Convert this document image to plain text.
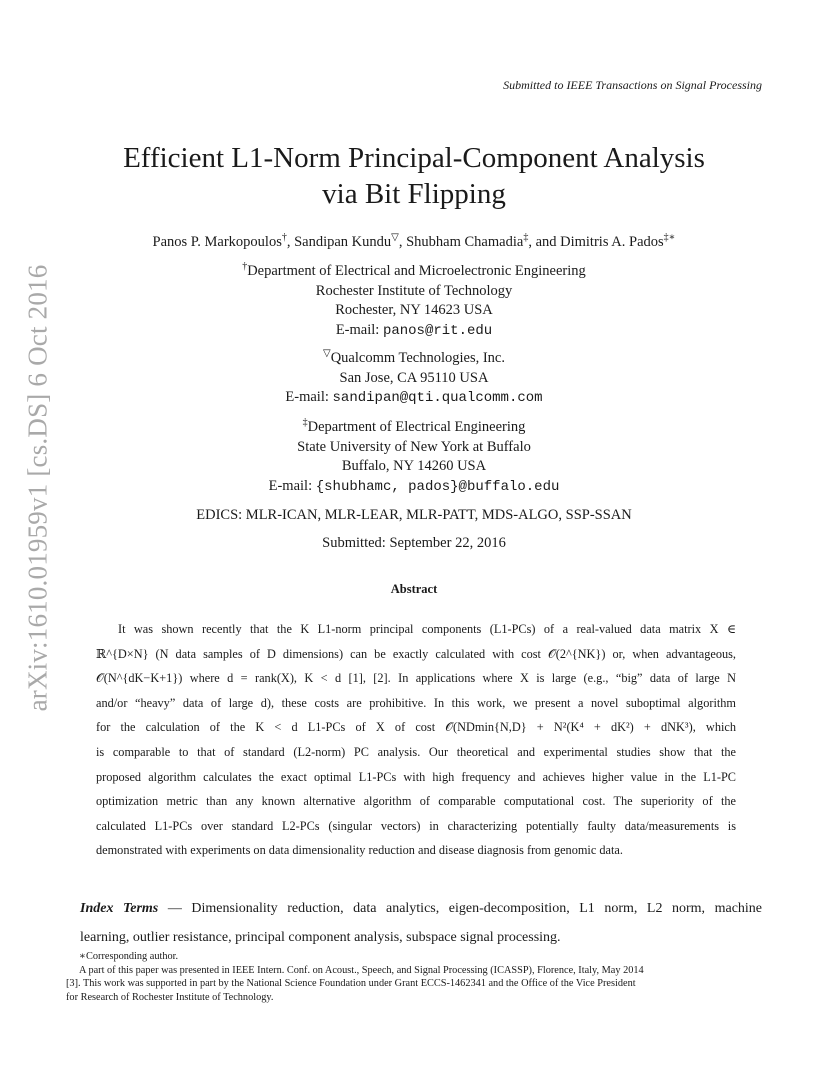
arXiv:1610.01959v1 [cs.DS] 6 Oct 2016
Submitted to IEEE Transactions on Signal Processing
Efficient L1-Norm Principal-Component Analysis
via Bit Flipping
Panos P. Markopoulos†, Sandipan Kundu▽, Shubham Chamadia‡, and Dimitris A. Pados‡∗
†Department of Electrical and Microelectronic Engineering
Rochester Institute of Technology
Rochester, NY 14623 USA
E-mail: panos@rit.edu
▽Qualcomm Technologies, Inc.
San Jose, CA 95110 USA
E-mail: sandipan@qti.qualcomm.com
‡Department of Electrical Engineering
State University of New York at Buffalo
Buffalo, NY 14260 USA
E-mail: {shubhamc, pados}@buffalo.edu
EDICS: MLR-ICAN, MLR-LEAR, MLR-PATT, MDS-ALGO, SSP-SSAN
Submitted: September 22, 2016
Abstract
It was shown recently that the K L1-norm principal components (L1-PCs) of a real-valued data matrix X ∈
ℝ^{D×N} (N data samples of D dimensions) can be exactly calculated with cost 𝒪(2^{NK}) or, when advantageous,
𝒪(N^{dK−K+1}) where d = rank(X), K < d [1], [2]. In applications where X is large (e.g., “big” data of large N
and/or “heavy” data of large d), these costs are prohibitive. In this work, we present a novel suboptimal algorithm
for the calculation of the K < d L1-PCs of X of cost 𝒪(NDmin{N,D} + N²(K⁴ + dK²) + dNK³), which
is comparable to that of standard (L2-norm) PC analysis. Our theoretical and experimental studies show that the
proposed algorithm calculates the exact optimal L1-PCs with high frequency and achieves higher value in the L1-PC
optimization metric than any known alternative algorithm of comparable computational cost. The superiority of the
calculated L1-PCs over standard L2-PCs (singular vectors) in characterizing potentially faulty data/measurements is
demonstrated with experiments on data dimensionality reduction and disease diagnosis from genomic data.
Index Terms — Dimensionality reduction, data analytics, eigen-decomposition, L1 norm, L2 norm, machine
learning, outlier resistance, principal component analysis, subspace signal processing.
∗Corresponding author.
A part of this paper was presented in IEEE Intern. Conf. on Acoust., Speech, and Signal Processing (ICASSP), Florence, Italy, May 2014
[3]. This work was supported in part by the National Science Foundation under Grant ECCS-1462341 and the Office of the Vice President
for Research of Rochester Institute of Technology.
